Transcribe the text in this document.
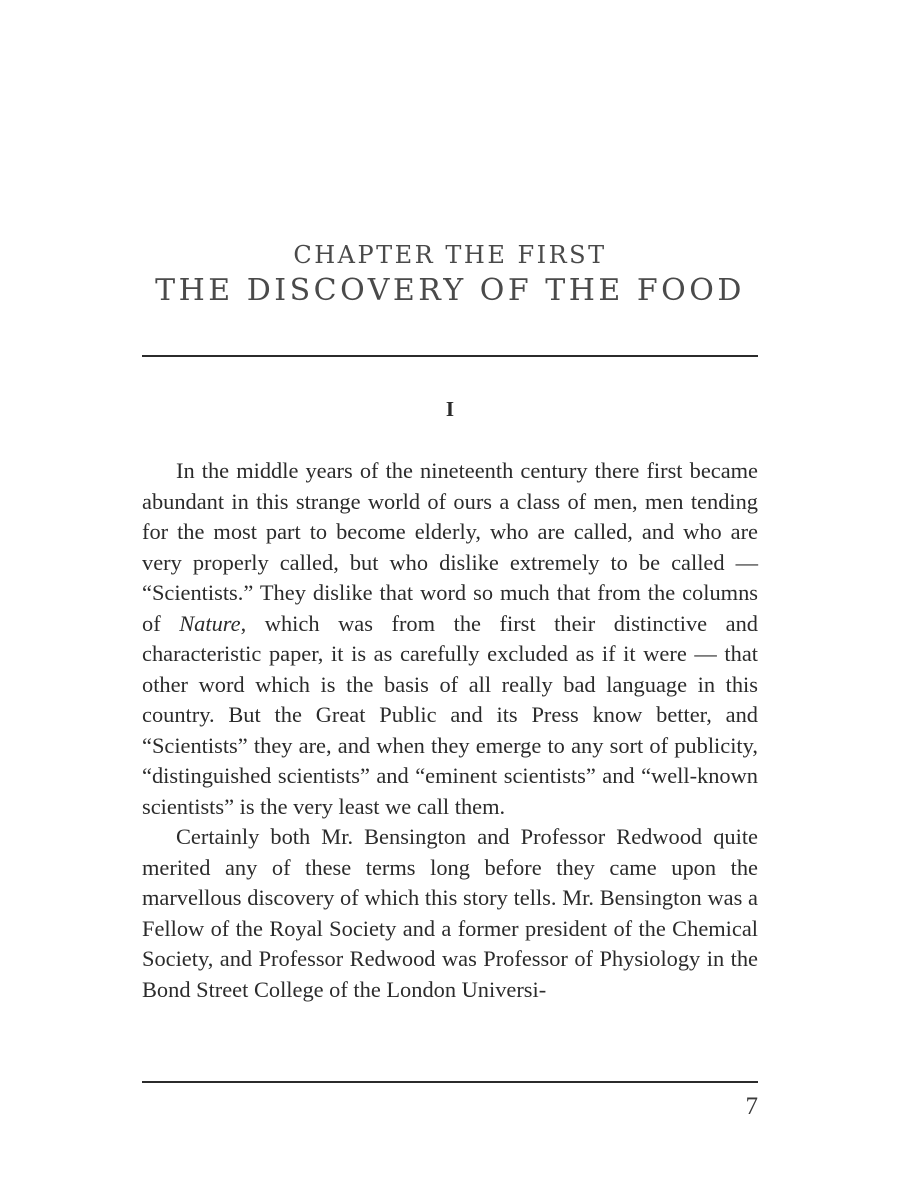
CHAPTER THE FIRST
THE DISCOVERY OF THE FOOD
I

In the middle years of the nineteenth century there first became abundant in this strange world of ours a class of men, men tending for the most part to become elderly, who are called, and who are very properly called, but who dislike extremely to be called — “Scientists.” They dislike that word so much that from the columns of Nature, which was from the first their distinctive and characteristic paper, it is as carefully excluded as if it were — that other word which is the basis of all really bad language in this country. But the Great Public and its Press know better, and “Scientists” they are, and when they emerge to any sort of publicity, “distinguished scientists” and “eminent scientists” and “well-known scientists” is the very least we call them.

Certainly both Mr. Bensington and Professor Redwood quite merited any of these terms long before they came upon the marvellous discovery of which this story tells. Mr. Bensington was a Fellow of the Royal Society and a former president of the Chemical Society, and Professor Redwood was Professor of Physiology in the Bond Street College of the London Universi-

7
